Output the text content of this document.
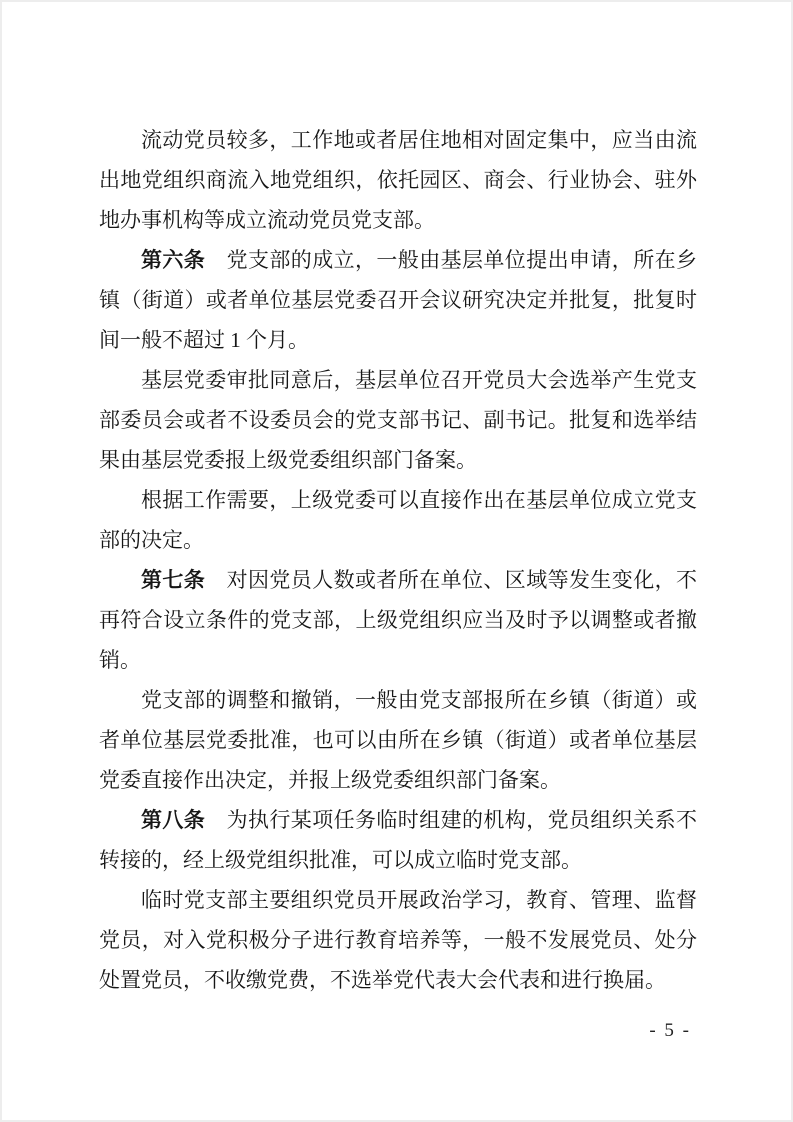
流动党员较多，工作地或者居住地相对固定集中，应当由流
出地党组织商流入地党组织，依托园区、商会、行业协会、驻外
地办事机构等成立流动党员党支部。
第六条　党支部的成立，一般由基层单位提出申请，所在乡
镇（街道）或者单位基层党委召开会议研究决定并批复，批复时
间一般不超过 1 个月。
基层党委审批同意后，基层单位召开党员大会选举产生党支
部委员会或者不设委员会的党支部书记、副书记。批复和选举结
果由基层党委报上级党委组织部门备案。
根据工作需要，上级党委可以直接作出在基层单位成立党支
部的决定。
第七条　对因党员人数或者所在单位、区域等发生变化，不
再符合设立条件的党支部，上级党组织应当及时予以调整或者撤
销。
党支部的调整和撤销，一般由党支部报所在乡镇（街道）或
者单位基层党委批准，也可以由所在乡镇（街道）或者单位基层
党委直接作出决定，并报上级党委组织部门备案。
第八条　为执行某项任务临时组建的机构，党员组织关系不
转接的，经上级党组织批准，可以成立临时党支部。
临时党支部主要组织党员开展政治学习，教育、管理、监督
党员，对入党积极分子进行教育培养等，一般不发展党员、处分
处置党员，不收缴党费，不选举党代表大会代表和进行换届。
- 5 -
